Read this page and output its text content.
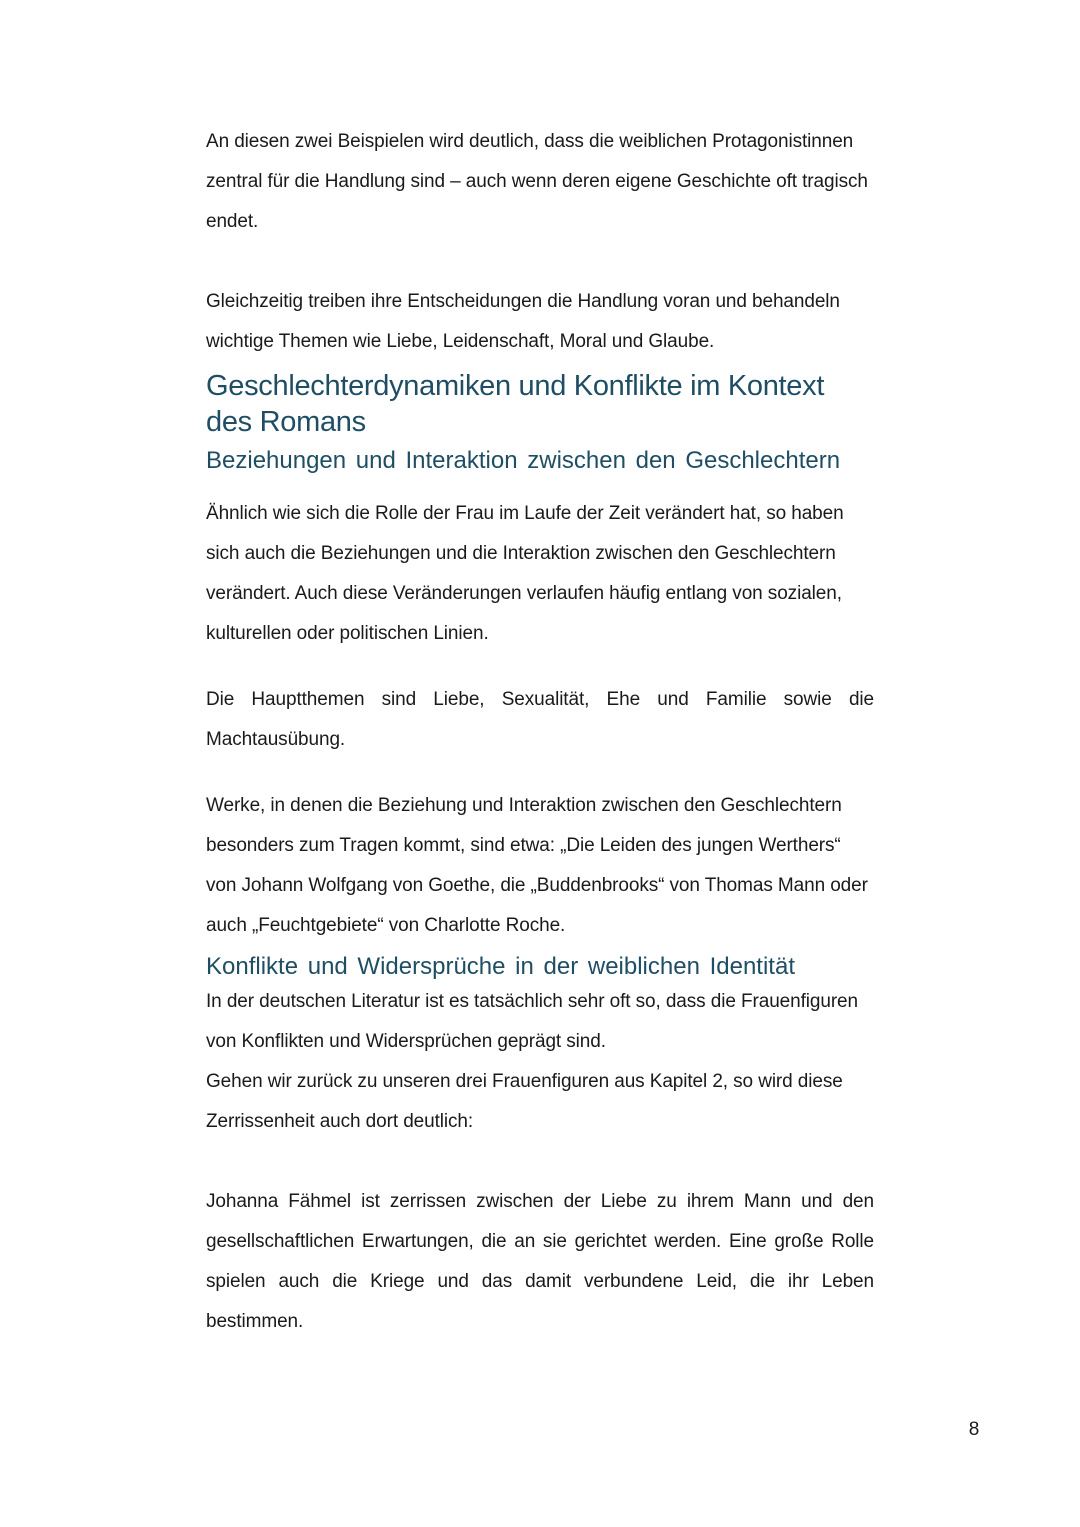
An diesen zwei Beispielen wird deutlich, dass die weiblichen Protagonistinnen zentral für die Handlung sind – auch wenn deren eigene Geschichte oft tragisch endet.

Gleichzeitig treiben ihre Entscheidungen die Handlung voran und behandeln wichtige Themen wie Liebe, Leidenschaft, Moral und Glaube.

Geschlechterdynamiken und Konflikte im Kontext des Romans
Beziehungen und Interaktion zwischen den Geschlechtern

Ähnlich wie sich die Rolle der Frau im Laufe der Zeit verändert hat, so haben sich auch die Beziehungen und die Interaktion zwischen den Geschlechtern verändert. Auch diese Veränderungen verlaufen häufig entlang von sozialen, kulturellen oder politischen Linien.

Die Hauptthemen sind Liebe, Sexualität, Ehe und Familie sowie die Machtausübung.

Werke, in denen die Beziehung und Interaktion zwischen den Geschlechtern besonders zum Tragen kommt, sind etwa: „Die Leiden des jungen Werthers“ von Johann Wolfgang von Goethe, die „Buddenbrooks“ von Thomas Mann oder auch „Feuchtgebiete“ von Charlotte Roche.

Konflikte und Widersprüche in der weiblichen Identität

In der deutschen Literatur ist es tatsächlich sehr oft so, dass die Frauenfiguren von Konflikten und Widersprüchen geprägt sind.

Gehen wir zurück zu unseren drei Frauenfiguren aus Kapitel 2, so wird diese Zerrissenheit auch dort deutlich:

Johanna Fähmel ist zerrissen zwischen der Liebe zu ihrem Mann und den gesellschaftlichen Erwartungen, die an sie gerichtet werden. Eine große Rolle spielen auch die Kriege und das damit verbundene Leid, die ihr Leben bestimmen.

8
